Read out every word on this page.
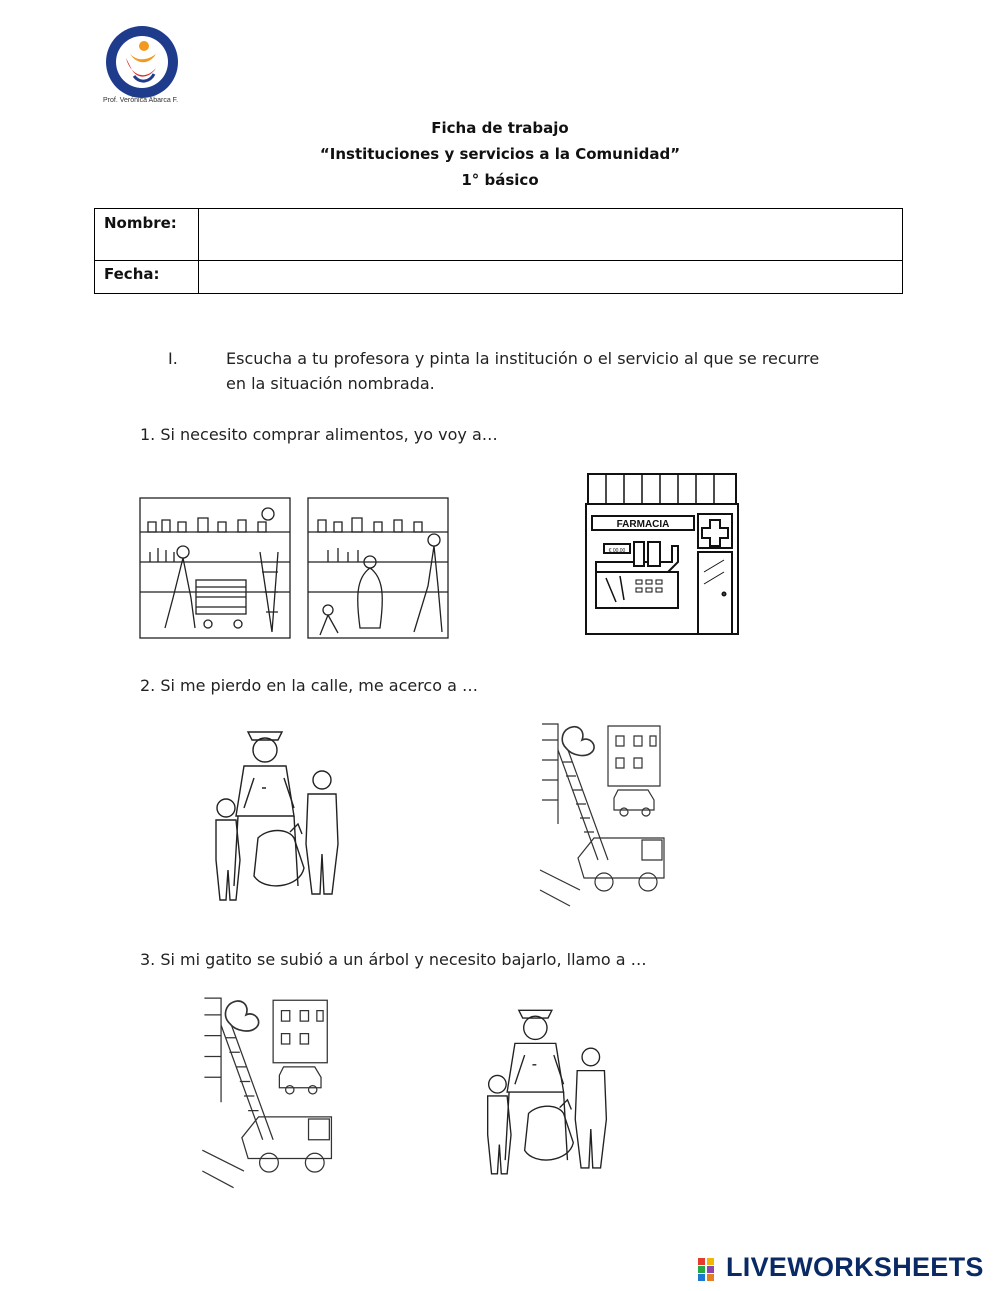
Prof. Verónica Abarca F.
Ficha de trabajo
“Instituciones y servicios a la Comunidad”
1° básico
Nombre:
Fecha:
I.	Escucha a tu profesora y pinta la institución o el servicio al que se recurre
en la situación nombrada.
1. Si necesito comprar alimentos, yo voy a…
2. Si me pierdo en la calle, me acerco a …
3. Si mi gatito se subió a un árbol y necesito bajarlo, llamo a …
FARMACIA
€ 00,00
LIVEWORKSHEETS
